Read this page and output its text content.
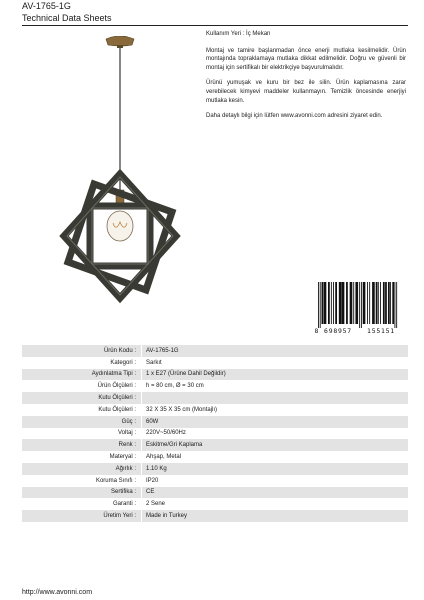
AV-1765-1G
Technical Data Sheets

Kullanım Yeri : İç Mekan

Montaj ve tamire başlanmadan önce enerji mutlaka kesilmelidir. Ürün montajında topraklamaya mutlaka dikkat edilmelidir. Doğru ve güvenli bir montaj için sertifikalı bir elektrikçiye başvurulmalıdır.

Ürünü yumuşak ve kuru bir bez ile silin. Ürün kaplamasına zarar verebilecek kimyevi maddeler kullanmayın. Temizlik öncesinde enerjiyi mutlaka kesin.

Daha detaylı bilgi için lütfen www.avonni.com adresini ziyaret edin.

8 698957 155151
Ürün Kodu :		AV-1765-1G
Kategori :		Sarkıt
Aydınlatma Tipi :		1 x E27 (Ürüne Dahil Değildir)
Ürün Ölçüleri :		h = 80 cm, Ø = 30 cm
Kutu Ölçüleri :		
Kutu Ölçüleri :		32 X 35 X 35 cm (Montajlı)
Güç :		60W
Voltaj :		220V~50/60Hz
Renk :		Eskitme/Gri Kaplama
Materyal :		Ahşap, Metal
Ağırlık :		1.10 Kg
Koruma Sınıfı :		IP20
Sertifika :		CE
Garanti :		2 Sene
Üretim Yeri :		Made in Turkey
http://www.avonni.com
